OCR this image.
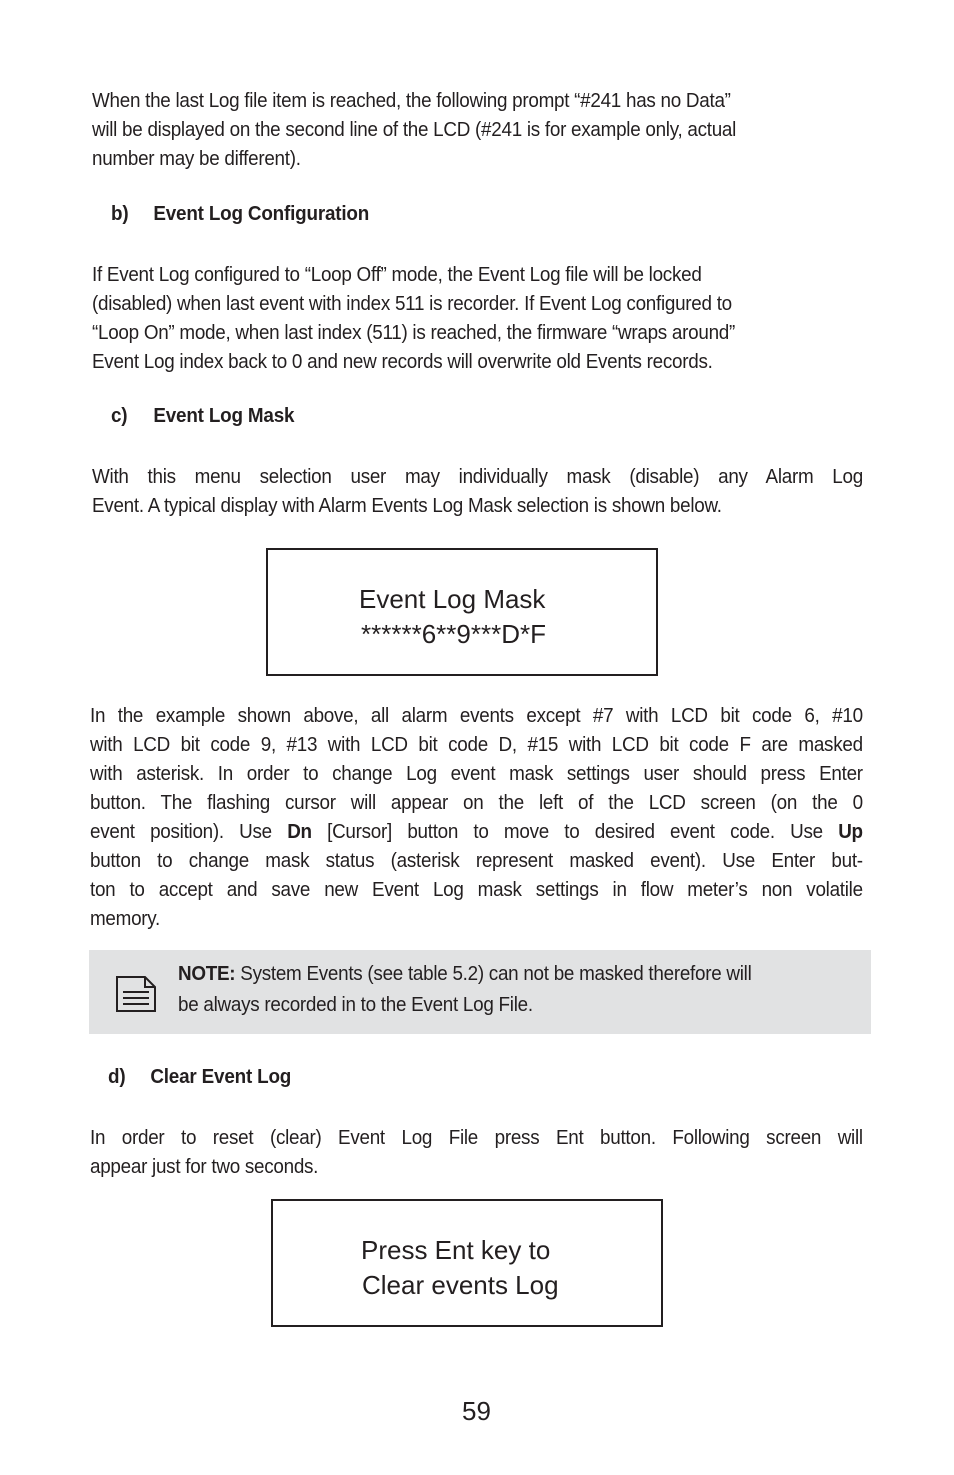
When the last Log file item is reached, the following prompt “#241 has no Data”
will be displayed on the second line of the LCD (#241 is for example only, actual
number may be different).
b) Event Log Configuration
If Event Log configured to “Loop Off” mode, the Event Log file will be locked
(disabled) when last event with index 511 is recorder. If Event Log configured to
“Loop On” mode, when last index (511) is reached, the firmware “wraps around”
Event Log index back to 0 and new records will overwrite old Events records.
c) Event Log Mask
With this menu selection user may individually mask (disable) any Alarm Log
Event. A typical display with Alarm Events Log Mask selection is shown below.
Event Log Mask
******6**9***D*F
In the example shown above, all alarm events except #7 with LCD bit code 6, #10
with LCD bit code 9, #13 with LCD bit code D, #15 with LCD bit code F are masked
with asterisk. In order to change Log event mask settings user should press Enter
button. The flashing cursor will appear on the left of the LCD screen (on the 0
event position). Use Dn [Cursor] button to move to desired event code. Use Up
button to change mask status (asterisk represent masked event). Use Enter but-
ton to accept and save new Event Log mask settings in flow meter’s non volatile
memory.
NOTE: System Events (see table 5.2) can not be masked therefore will
be always recorded in to the Event Log File.
d) Clear Event Log
In order to reset (clear) Event Log File press Ent button. Following screen will
appear just for two seconds.
Press Ent key to
Clear events Log
59
